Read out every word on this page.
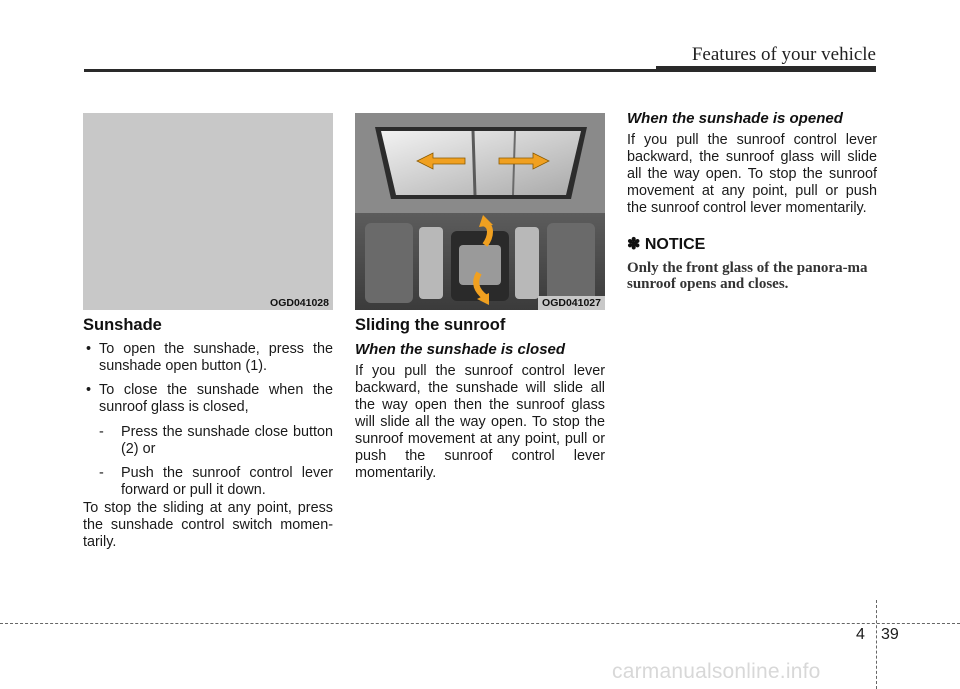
Features of your vehicle
OGD041028
Sunshade
• To open the sunshade, press the sunshade open button (1).
• To close the sunshade when the sunroof glass is closed,
- Press the sunshade close button (2) or
- Push the sunroof control lever forward or pull it down.

To stop the sliding at any point, press the sunshade control switch momen-tarily.

OGD041027
Sliding the sunroof
When the sunshade is closed

If you pull the sunroof control lever backward, the sunshade will slide all the way open then the sunroof glass will slide all the way open. To stop the sunroof movement at any point, pull or push the sunroof control lever momentarily.

When the sunshade is opened

If you pull the sunroof control lever backward, the sunroof glass will slide all the way open. To stop the sunroof movement at any point, pull or push the sunroof control lever momentarily.

✽ NOTICE
Only the front glass of the panora-ma sunroof opens and closes.
4 39
carmanualsonline.info
